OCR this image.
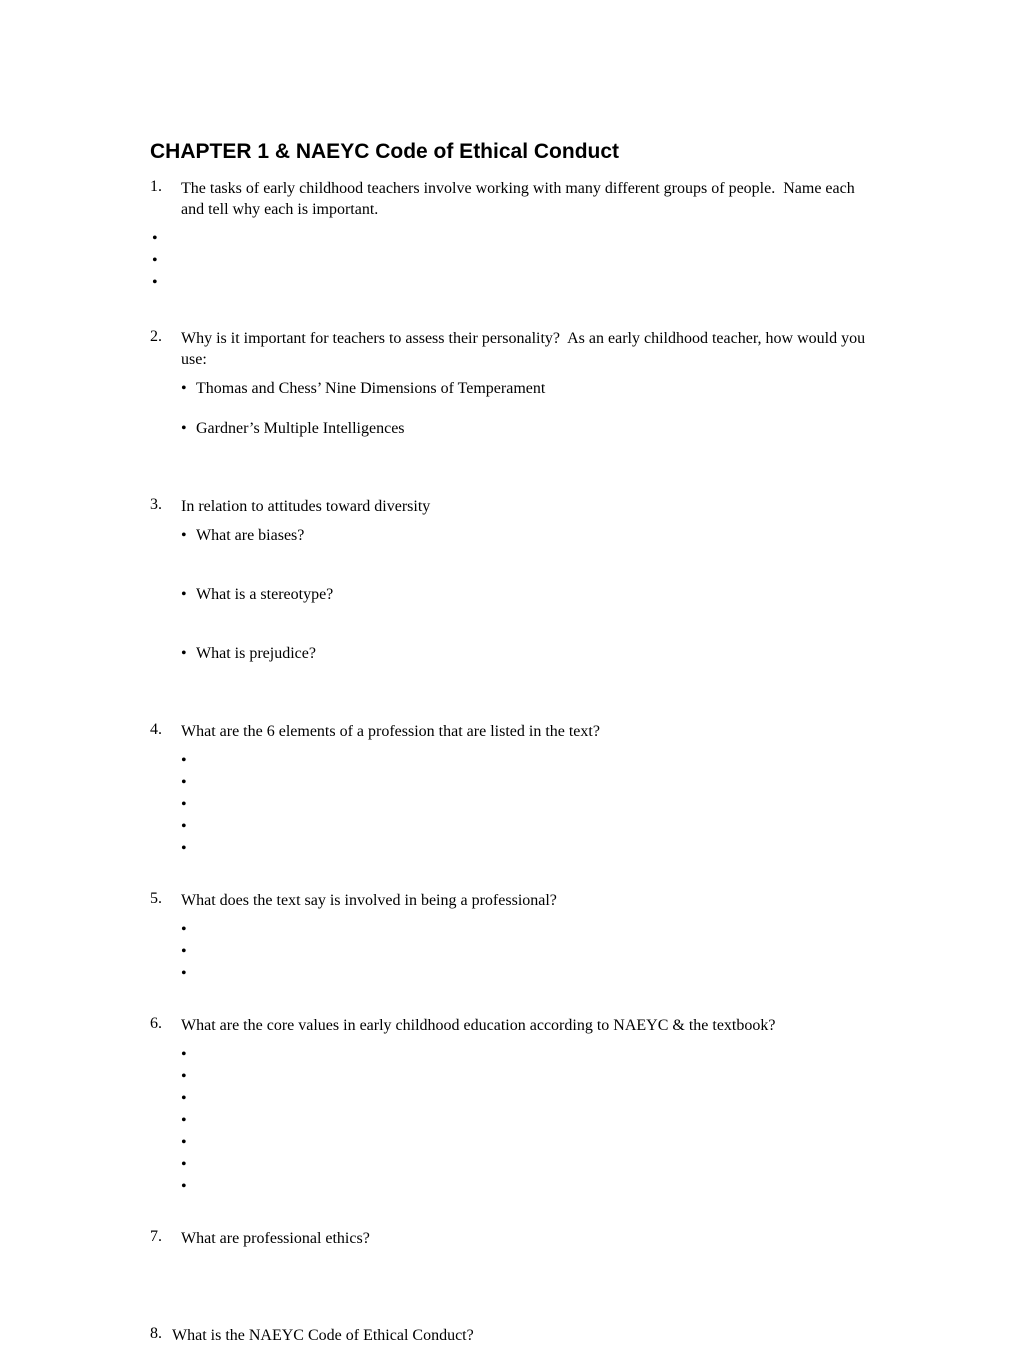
CHAPTER 1 & NAEYC Code of Ethical Conduct
1.	The tasks of early childhood teachers involve working with many different groups of people.  Name each and tell why each is important.
•
•
•
2.	Why is it important for teachers to assess their personality?  As an early childhood teacher, how would you use:
• Thomas and Chess’ Nine Dimensions of Temperament
• Gardner’s Multiple Intelligences
3.	In relation to attitudes toward diversity
• What are biases?
• What is a stereotype?
• What is prejudice?
4.	What are the 6 elements of a profession that are listed in the text?
•
•
•
•
•
5.	What does the text say is involved in being a professional?
•
•
•
6.	What are the core values in early childhood education according to NAEYC & the textbook?
•
•
•
•
•
•
•
7.	What are professional ethics?
8. What is the NAEYC Code of Ethical Conduct?
